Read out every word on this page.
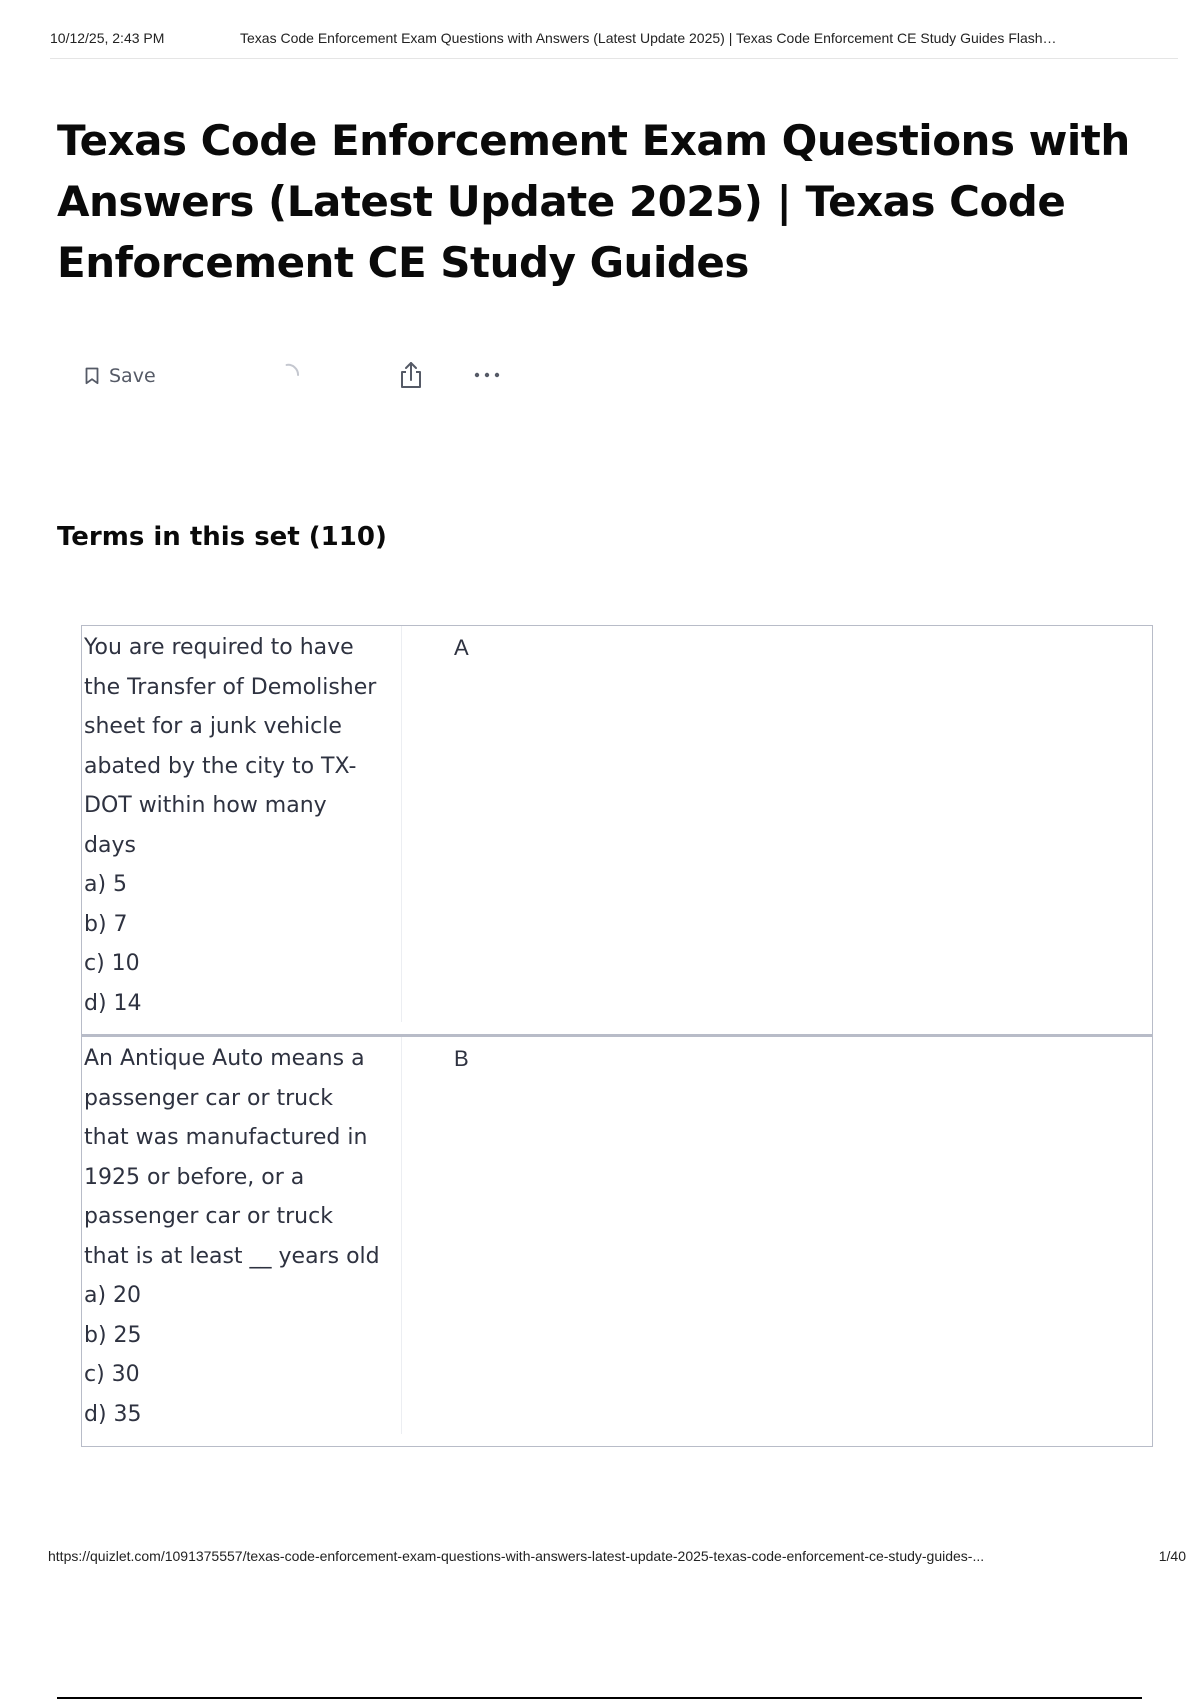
10/12/25, 2:43 PM	Texas Code Enforcement Exam Questions with Answers (Latest Update 2025) | Texas Code Enforcement CE Study Guides Flash…
Texas Code Enforcement Exam Questions with Answers (Latest Update 2025) | Texas Code Enforcement CE Study Guides
Save
Terms in this set (110)
You are required to have
the Transfer of Demolisher
sheet for a junk vehicle
abated by the city to TX-
DOT within how many
days
a) 5
b) 7
c) 10
d) 14
A
An Antique Auto means a
passenger car or truck
that was manufactured in
1925 or before, or a
passenger car or truck
that is at least __ years old
a) 20
b) 25
c) 30
d) 35
B
https://quizlet.com/1091375557/texas-code-enforcement-exam-questions-with-answers-latest-update-2025-texas-code-enforcement-ce-study-guides-...	1/40
